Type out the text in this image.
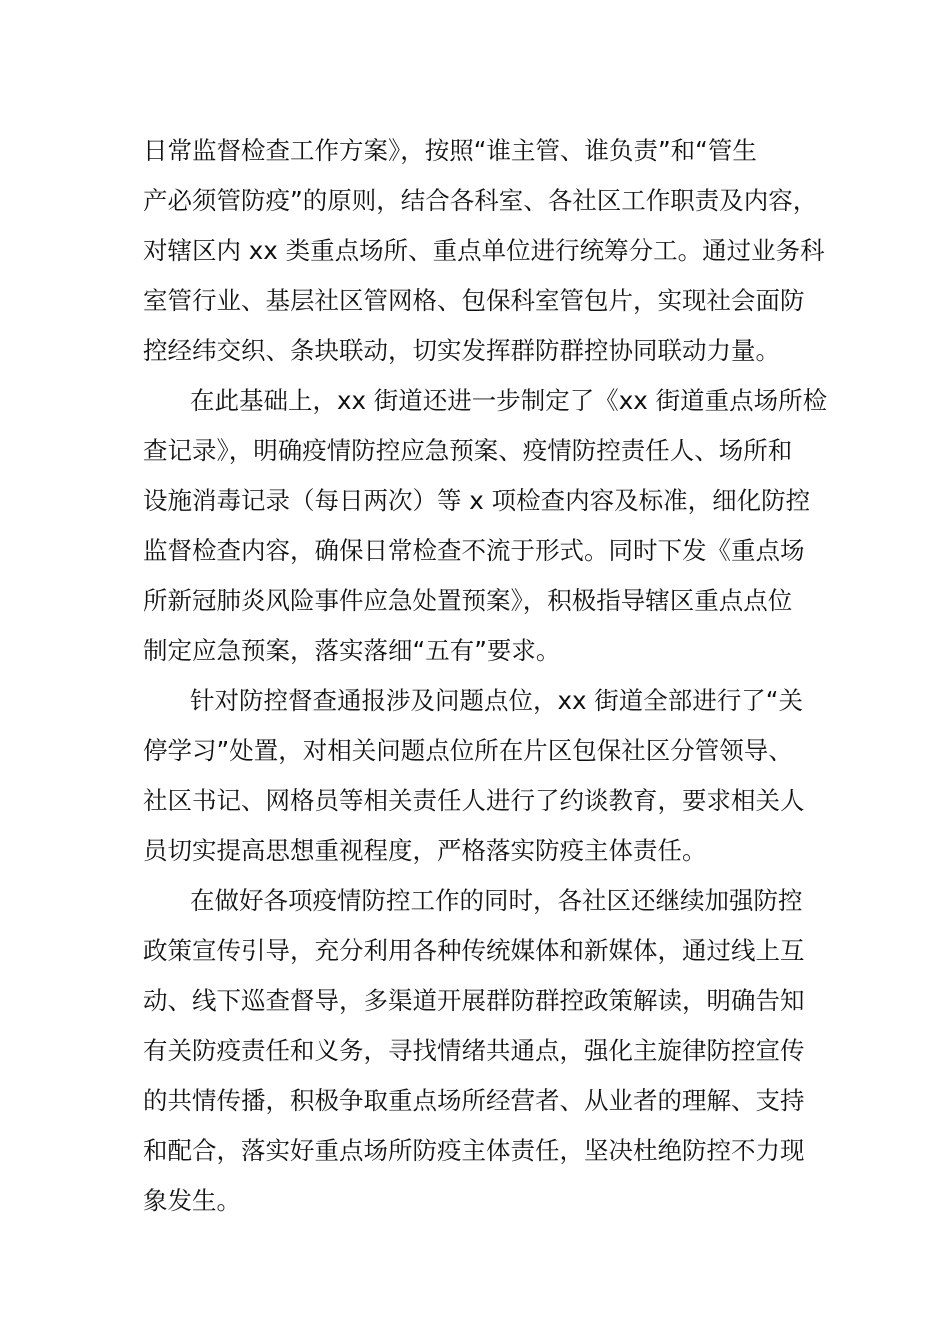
日常监督检查工作方案》，按照“谁主管、谁负责”和“管生
产必须管防疫”的原则，结合各科室、各社区工作职责及内容，
对辖区内 xx 类重点场所、重点单位进行统筹分工。通过业务科
室管行业、基层社区管网格、包保科室管包片，实现社会面防
控经纬交织、条块联动，切实发挥群防群控协同联动力量。

在此基础上，xx 街道还进一步制定了《xx 街道重点场所检
查记录》，明确疫情防控应急预案、疫情防控责任人、场所和
设施消毒记录（每日两次）等 x 项检查内容及标准，细化防控
监督检查内容，确保日常检查不流于形式。同时下发《重点场
所新冠肺炎风险事件应急处置预案》，积极指导辖区重点点位
制定应急预案，落实落细“五有”要求。

针对防控督查通报涉及问题点位，xx 街道全部进行了“关
停学习”处置，对相关问题点位所在片区包保社区分管领导、
社区书记、网格员等相关责任人进行了约谈教育，要求相关人
员切实提高思想重视程度，严格落实防疫主体责任。

在做好各项疫情防控工作的同时，各社区还继续加强防控
政策宣传引导，充分利用各种传统媒体和新媒体，通过线上互
动、线下巡查督导，多渠道开展群防群控政策解读，明确告知
有关防疫责任和义务，寻找情绪共通点，强化主旋律防控宣传
的共情传播，积极争取重点场所经营者、从业者的理解、支持
和配合，落实好重点场所防疫主体责任，坚决杜绝防控不力现
象发生。
